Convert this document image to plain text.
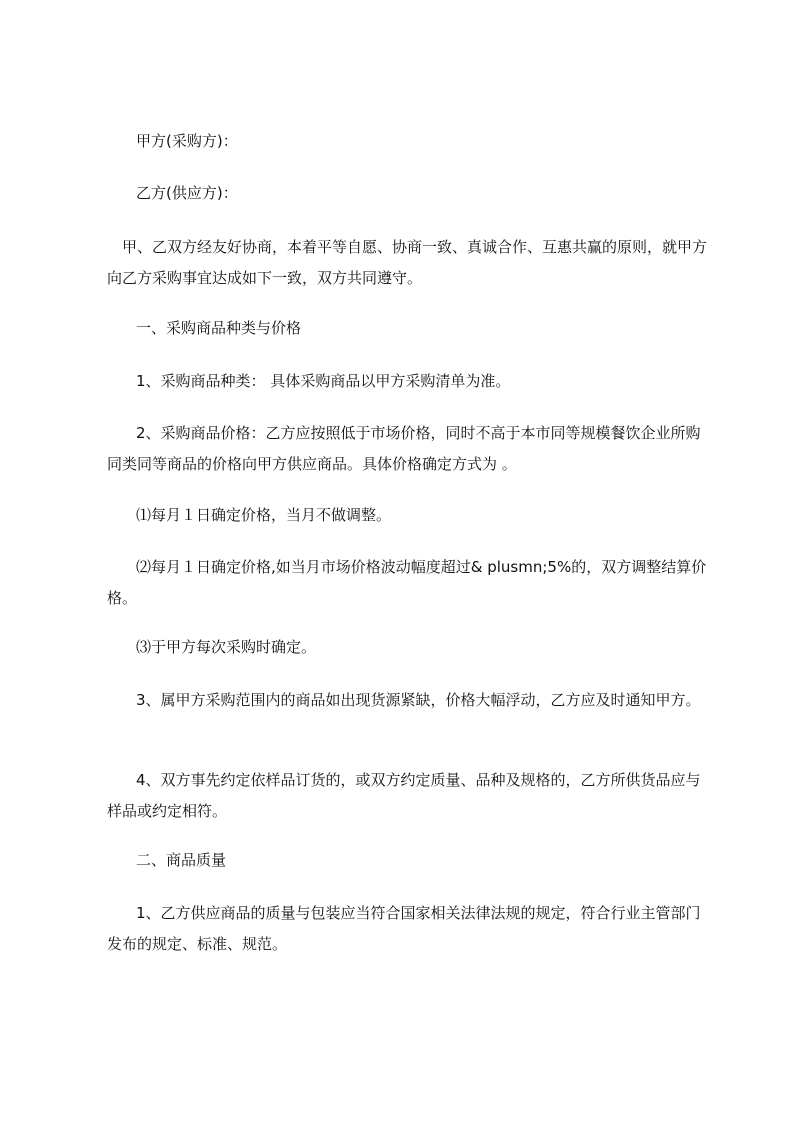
甲方(采购方)：

乙方(供应方)：

　甲、乙双方经友好协商，本着平等自愿、协商一致、真诚合作、互惠共赢的原则，就甲方向乙方采购事宜达成如下一致，双方共同遵守。

一、采购商品种类与价格

1、采购商品种类： 具体采购商品以甲方采购清单为准。

2、采购商品价格：乙方应按照低于市场价格，同时不高于本市同等规模餐饮企业所购同类同等商品的价格向甲方供应商品。具体价格确定方式为 。

⑴每月１日确定价格，当月不做调整。

⑵每月１日确定价格,如当月市场价格波动幅度超过& plusmn;5%的，双方调整结算价格。

⑶于甲方每次采购时确定。

3、属甲方采购范围内的商品如出现货源紧缺，价格大幅浮动，乙方应及时通知甲方。

4、双方事先约定依样品订货的，或双方约定质量、品种及规格的，乙方所供货品应与样品或约定相符。

二、商品质量

1、乙方供应商品的质量与包装应当符合国家相关法律法规的规定，符合行业主管部门发布的规定、标准、规范。
